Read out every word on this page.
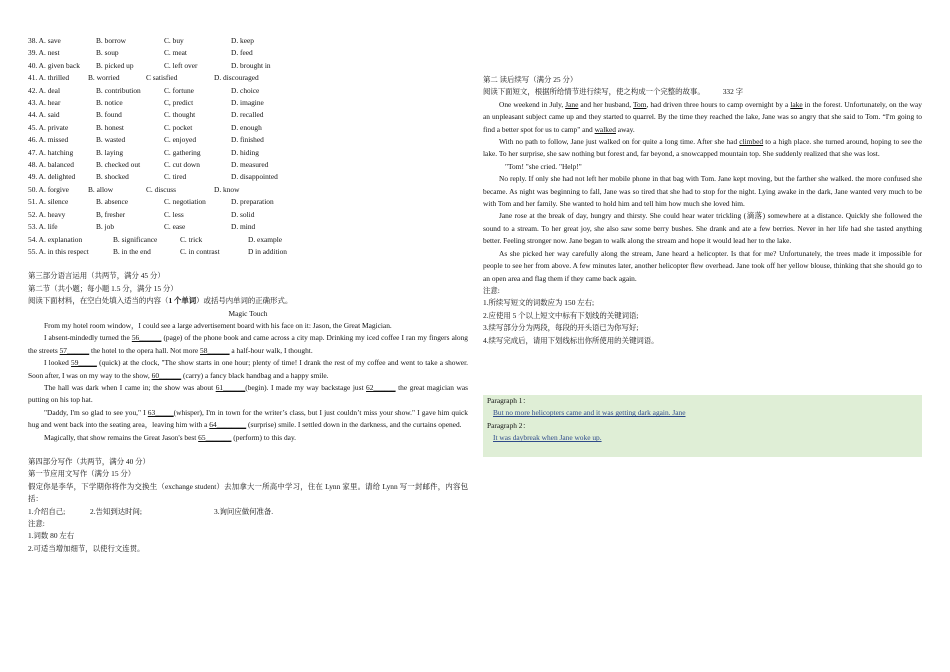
38. A. save	B. borrow	C. buy	D. keep
39. A. nest	B. soup	C. meat	D. feed
40. A. given back	B. picked up	C. left over	D. brought in
41. A. thrilled	B. worried	C satisfied	D. discouraged
42. A. deal	B. contribution	C. fortune	D. choice
43. A. hear	B. notice	C, predict	D. imagine
44. A. said	B. found	C. thought	D. recalled
45. A. private	B. honest	C. pocket	D. enough
46. A. missed	B. wasted	C. enjoyed	D. finished
47. A. hatching	B. laying	C. gathering	D. hiding
48. A. balanced	B. checked out	C. cut down	D. measured
49. A. delighted	B. shocked	C. tired	D. disappointed
50. A. forgive	B. allow	C. discuss	D. know
51. A. silence	B. absence	C. negotiation	D. preparation
52. A. heavy	B, fresher	C. less	D. solid
53. A. life	B. job	C. ease	D. mind
54. A. explanation	B. significance	C. trick	D. example
55. A. in this respect	B. in the end	C. in contrast	D in addition
第三部分语言运用（共两节，满分 45 分）
第二节（共小题；每小题 1.5 分，满分 15 分）
阅读下面材料，在空白处填入适当的内容（1 个单词）或括号内单词的正确形式。
Magic Touch

From my hotel room window，I could see a large advertisement board with his face on it: Jason, the Great Magician.

I absent-mindedly turned the 56______ (page) of the phone book and came across a city map. Drinking my iced coffee I ran my fingers along the streets 57______ the hotel to the opera hall. Not more 58______ a half-hour walk, I thought.

I looked 59_____ (quick) at the clock, "The show starts in one hour; plenty of time! I drank the rest of my coffee and went to take a shower. Soon after, I was on my way to the show, 60______ (carry) a fancy black handbag and a happy smile.

The hall was dark when I came in; the show was about 61______(begin). I made my way backstage just 62______ the great magician was putting on his top hat.

"Daddy, I'm so glad to see you," I 63_____(whisper), I'm in town for the writer’s class, but I just couldn’t miss your show." I gave him quick hug and went back into the seating area，leaving him with a 64________ (surprise) smile. I settled down in the darkness, and the curtains opened.

Magically, that show remains the Great Jason's best 65_______ (perform) to this day.

第四部分写作（共两节，满分 40 分）
第一节应用文写作（满分 15 分）
假定你是李华，下学期你将作为交换生（exchange student）去加拿大一所高中学习，住在 Lynn 家里。请给 Lynn 写一封邮件，内容包括：
1.介绍自己;	2.告知到达时间;	3.询问应做何准备.
注意:
1.词数 80 左右
2.可适当增加细节，以使行文连贯。
第二 读后续写（满分 25 分）
阅读下面短文，根据所给情节进行续写，使之构成一个完整的故事。 332 字

One weekend in July, Jane and her husband, Tom, had driven three hours to camp overnight by a lake in the forest. Unfortunately, on the way an unpleasant subject came up and they started to quarrel. By the time they reached the lake, Jane was so angry that she said to Tom. “I'm going to find a better spot for us to camp" and walked away.

With no path to follow, Jane just walked on for quite a long time. After she had climbed to a high place. she turned around, hoping to see the lake. To her surprise, she saw nothing but forest and, far beyond, a snowcapped mountain top. She suddenly realized that she was lost.

"Tom! "she cried. "Help!"

No reply. If only she had not left her mobile phone in that bag with Tom. Jane kept moving, but the farther she walked. the more confused she became. As night was beginning to fall, Jane was so tired that she had to stop for the night. Lying awake in the dark, Jane wanted very much to be with Tom and her family. She wanted to hold him and tell him how much she loved him.

Jane rose at the break of day, hungry and thirsty. She could hear water trickling (滴落) somewhere at a distance. Quickly she followed the sound to a stream. To her great joy, she also saw some berry bushes. She drank and ate a few berries. Never in her life had she tasted anything better. Feeling stronger now. Jane began to walk along the stream and hope it would lead her to the lake.

As she picked her way carefully along the stream, Jane heard a helicopter. Is that for me? Unfortunately, the trees made it impossible for people to see her from above. A few minutes later, another helicopter flew overhead. Jane took off her yellow blouse, thinking that she should go to an open area and flag them if they came back again.

注意:
1.所续写短文的词数应为 150 左右;
2.应使用 5 个以上短文中标有下划线的关键词语;
3.续写部分分为两段，每段的开头语已为你写好;
4.续写完成后，请用下划线标出你所使用的关键词语。
Paragraph 1：
But no more helicopters came and it was getting dark again. Jane
Paragraph 2：
It was daybreak when Jane woke up.
